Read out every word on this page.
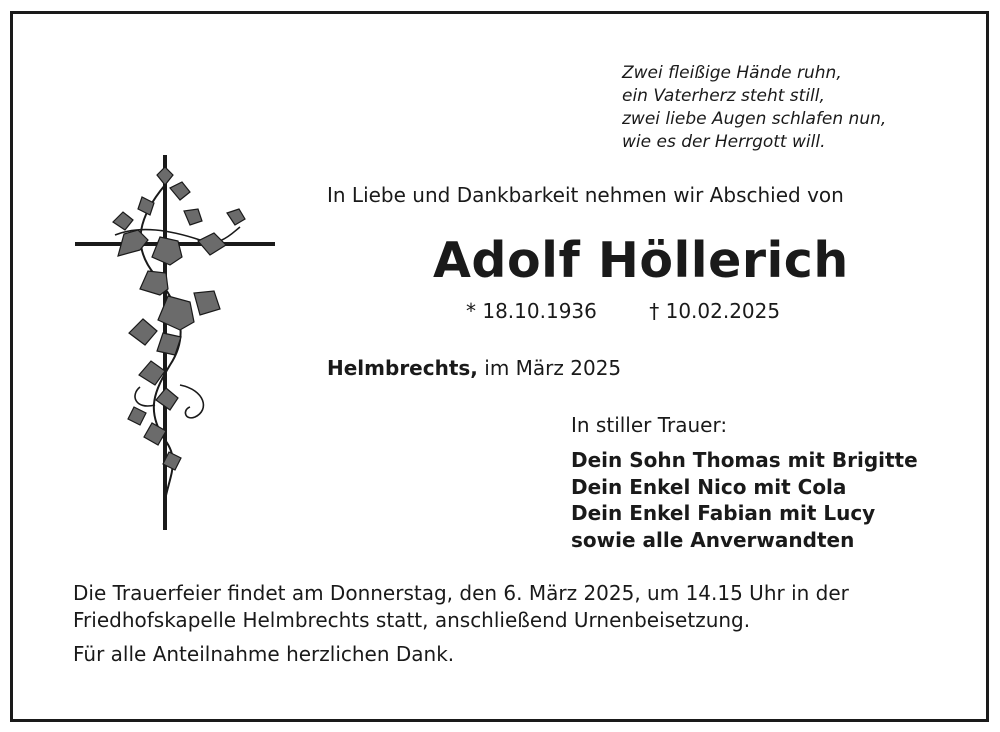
Zwei fleißige Hände ruhn,
ein Vaterherz steht still,
zwei liebe Augen schlafen nun,
wie es der Herrgott will.
In Liebe und Dankbarkeit nehmen wir Abschied von
Adolf Höllerich
* 18.10.1936	† 10.02.2025
Helmbrechts, im März 2025
In stiller Trauer:
Dein Sohn Thomas mit Brigitte
Dein Enkel Nico mit Cola
Dein Enkel Fabian mit Lucy
sowie alle Anverwandten
Die Trauerfeier findet am Donnerstag, den 6. März 2025, um 14.15 Uhr in der
Friedhofskapelle Helmbrechts statt, anschließend Urnenbeisetzung.
Für alle Anteilnahme herzlichen Dank.
